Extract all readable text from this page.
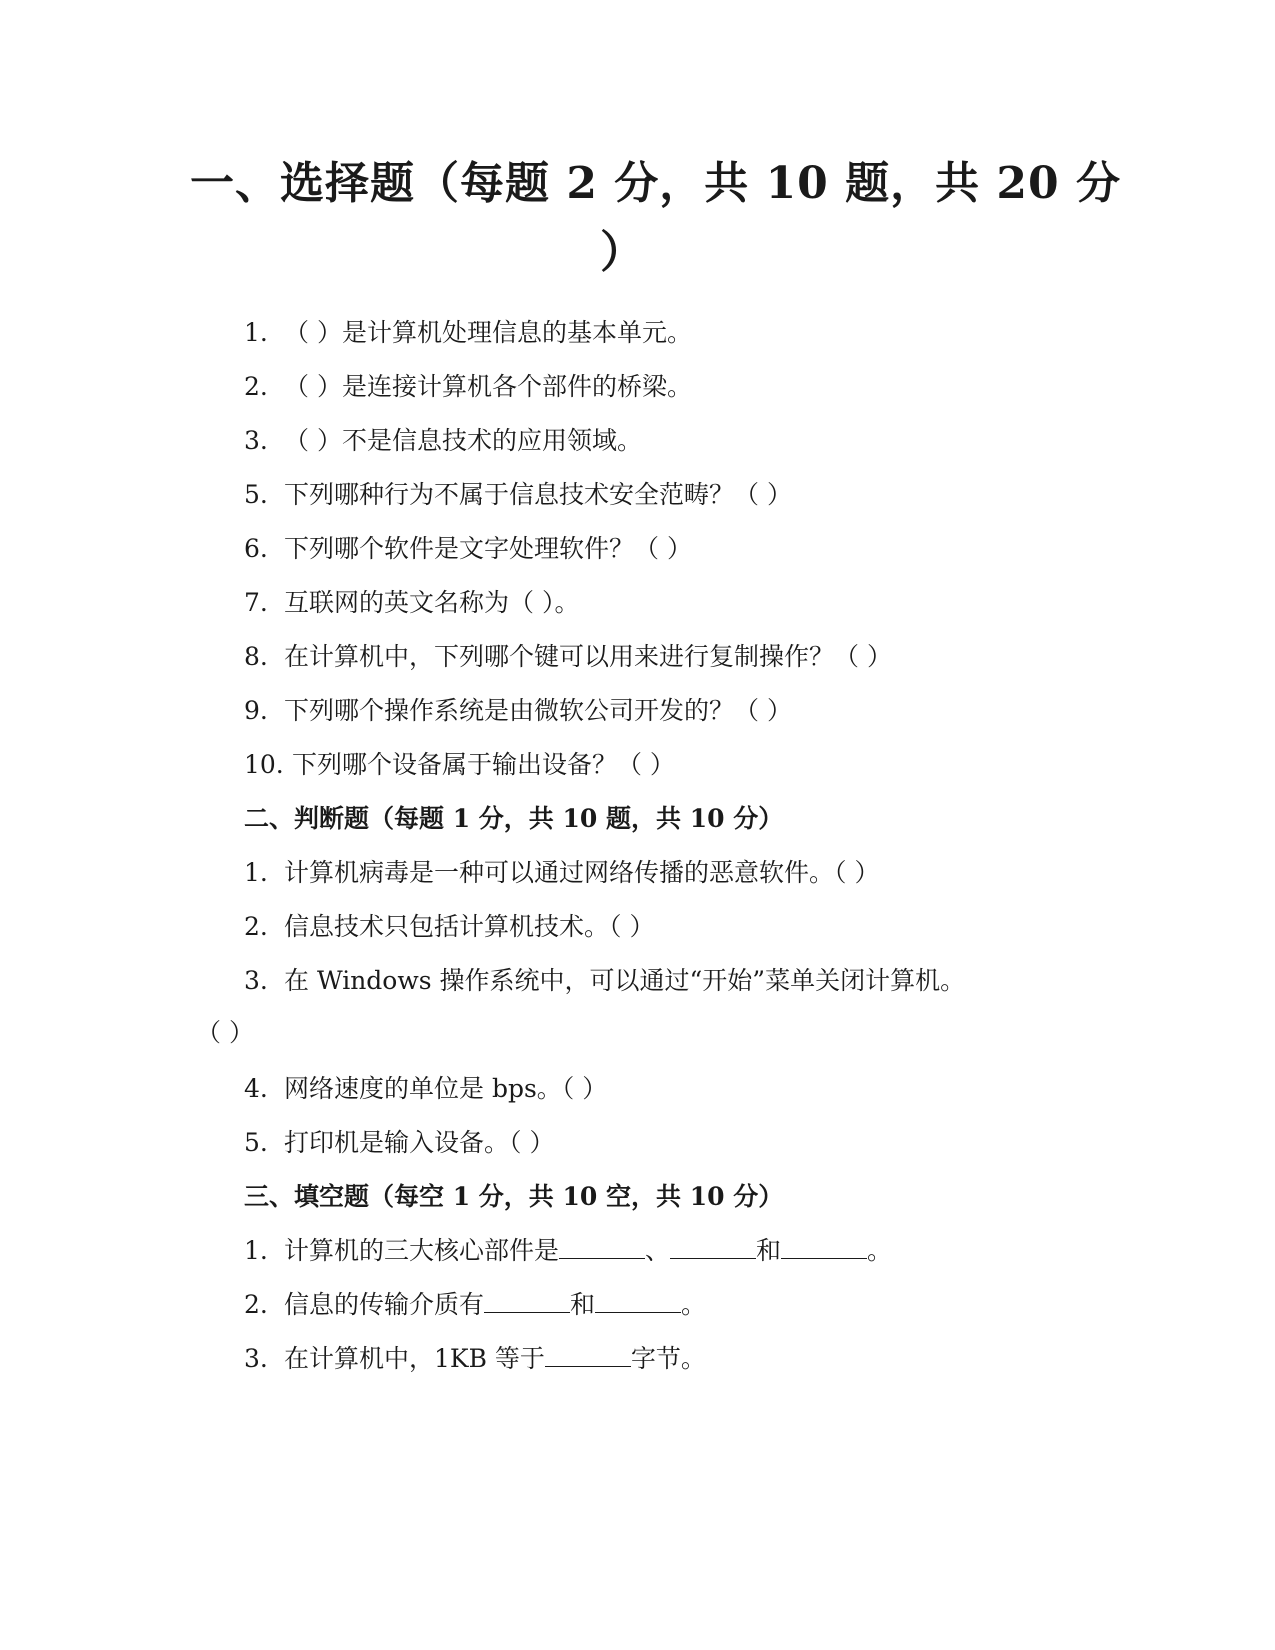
一、选择题（每题 2 分，共 10 题，共 20 分
）
1. （ ）是计算机处理信息的基本单元。
2. （ ）是连接计算机各个部件的桥梁。
3. （ ）不是信息技术的应用领域。
5. 下列哪种行为不属于信息技术安全范畴？（ ）
6. 下列哪个软件是文字处理软件？（ ）
7. 互联网的英文名称为（ ）。
8. 在计算机中，下列哪个键可以用来进行复制操作？（ ）
9. 下列哪个操作系统是由微软公司开发的？（ ）
10. 下列哪个设备属于输出设备？（ ）
二、判断题（每题 1 分，共 10 题，共 10 分）
1. 计算机病毒是一种可以通过网络传播的恶意软件。（ ）
2. 信息技术只包括计算机技术。（ ）
3. 在 Windows 操作系统中，可以通过“开始”菜单关闭计算机。
（ ）
4. 网络速度的单位是 bps。（ ）
5. 打印机是输入设备。（ ）
三、填空题（每空 1 分，共 10 空，共 10 分）
1. 计算机的三大核心部件是	、	和	。
2. 信息的传输介质有	和	。
3. 在计算机中，1KB 等于	字节。
